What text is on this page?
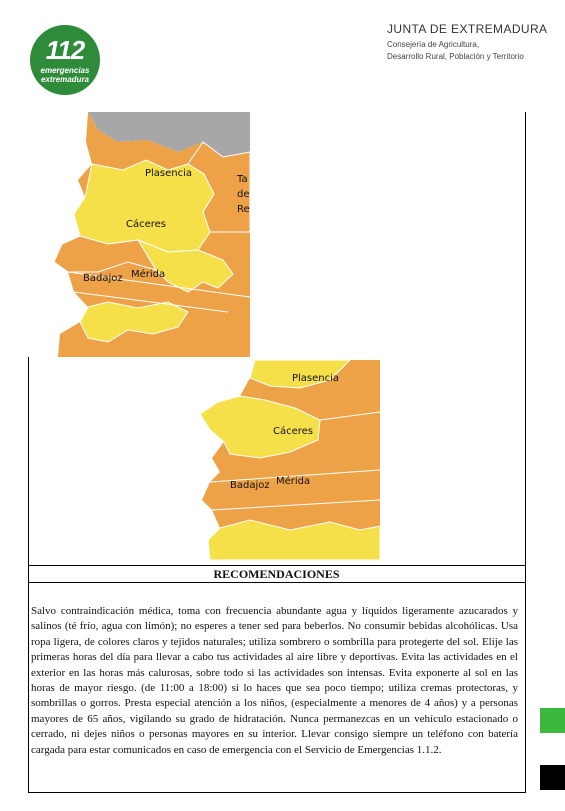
112
emergencias
extremadura
JUNTA DE EXTREMADURA
Consejería de Agricultura,
Desarrollo Rural, Población y Territorio
Plasencia
Cáceres
Badajoz Mérida
Ta
de
Re
Plasencia
Cáceres
Badajoz Mérida
RECOMENDACIONES
Salvo contraindicación médica, toma con frecuencia abundante agua y líquidos ligeramente azucarados y salinos (té frío, agua con limón); no esperes a tener sed para beberlos. No consumir bebidas alcohólicas. Usa ropa ligera, de colores claros y tejidos naturales; utiliza sombrero o sombrilla para protegerte del sol. Elije las primeras horas del día para llevar a cabo tus actividades al aire libre y deportivas. Evita las actividades en el exterior en las horas más calurosas, sobre todo si las actividades son intensas. Evita exponerte al sol en las horas de mayor riesgo. (de 11:00 a 18:00) si lo haces que sea poco tiempo; utiliza cremas protectoras, y sombrillas o gorros. Presta especial atención a los niños, (especialmente a menores de 4 años) y a personas mayores de 65 años, vigilando su grado de hidratación. Nunca permanezcas en un vehículo estacionado o cerrado, ni dejes niños o personas mayores en su interior. Llevar consigo siempre un teléfono con batería cargada para estar comunicados en caso de emergencia con el Servicio de Emergencias 1.1.2.
